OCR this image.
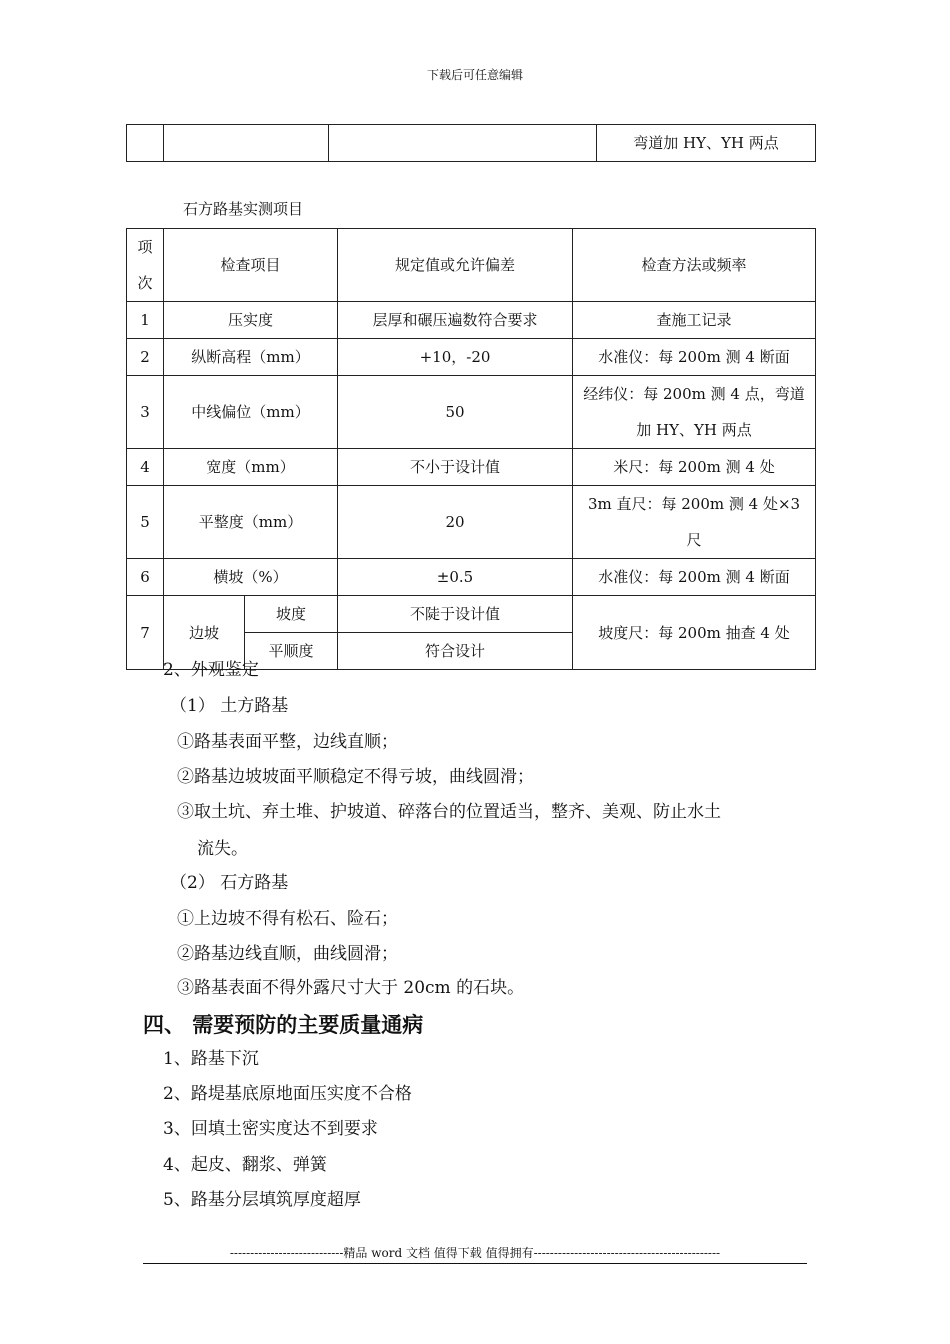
下载后可任意编辑
			弯道加 HY、YH 两点
石方路基实测项目
项
次	检查项目		规定值或允许偏差	检查方法或频率
1	压实度		层厚和碾压遍数符合要求	查施工记录
2	纵断高程（mm）		+10，-20	水准仪：每 200m 测 4 断面
3	中线偏位（mm）		50	经纬仪：每 200m 测 4 点，弯道
加 HY、YH 两点
4	宽度（mm）		不小于设计值	米尺：每 200m 测 4 处
5	平整度（mm）		20	3m 直尺：每 200m 测 4 处×3
尺
6	横坡（%）		±0.5	水准仪：每 200m 测 4 断面
7	边坡	坡度	不陡于设计值	坡度尺：每 200m 抽查 4 处
		平顺度	符合设计	
2、外观鉴定
（1） 土方路基
①路基表面平整，边线直顺；
②路基边坡坡面平顺稳定不得亏坡，曲线圆滑；
③取土坑、弃土堆、护坡道、碎落台的位置适当，整齐、美观、防止水土
流失。
（2） 石方路基
①上边坡不得有松石、险石；
②路基边线直顺，曲线圆滑；
③路基表面不得外露尺寸大于 20cm 的石块。
四、 需要预防的主要质量通病
1、路基下沉
2、路堤基底原地面压实度不合格
3、回填土密实度达不到要求
4、起皮、翻浆、弹簧
5、路基分层填筑厚度超厚
----------------------------精品 word 文档 值得下载 值得拥有----------------------------------------------
